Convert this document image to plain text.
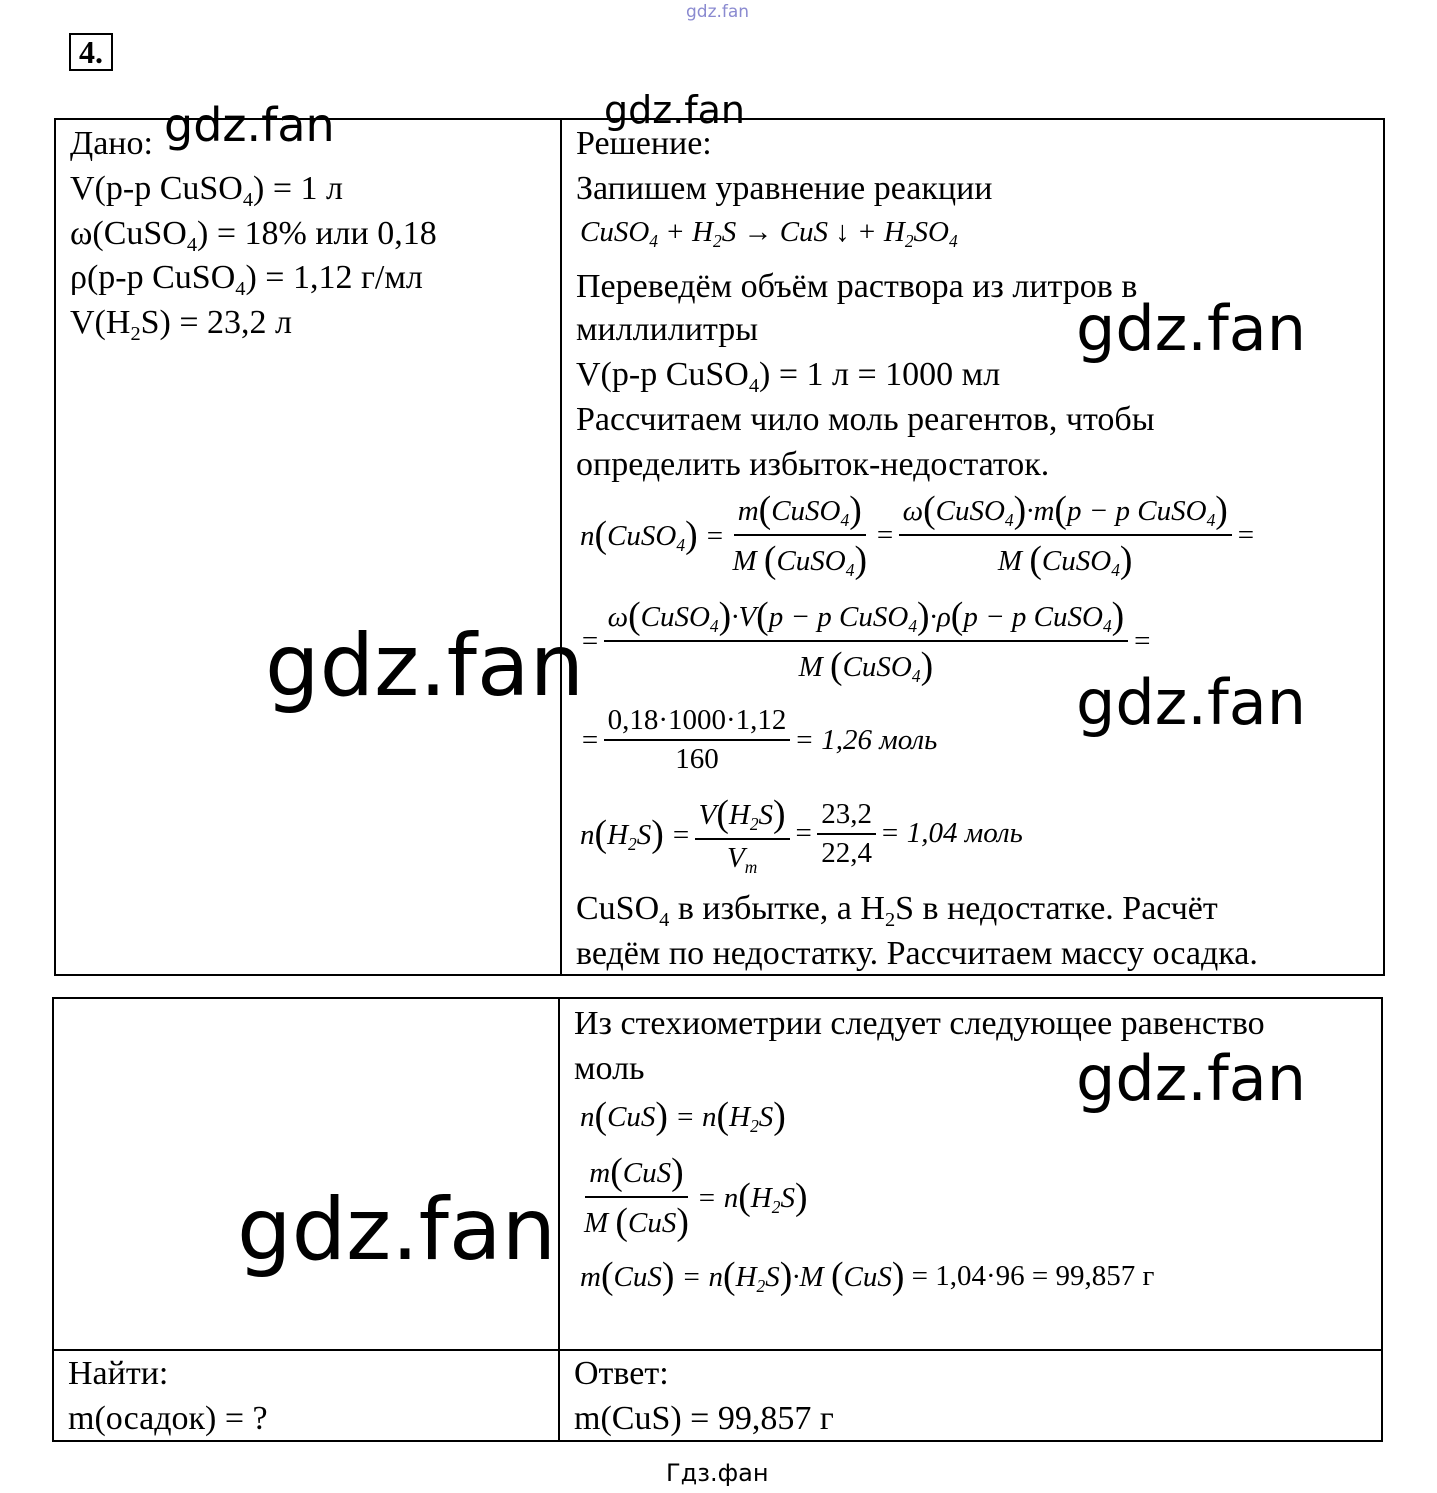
gdz.fan
4.
Дано:
V(р-р CuSO$_4$) = 1 л
ω(CuSO$_4$) = 18% или 0,18
ρ(р-р CuSO$_4$) = 1,12 г/мл
$V(H_2S) = 23,2$ л
Решение:
Запишем уравнение реакции
CuSO$_4$ + $H_2S$ → CuS ↓ + $H_2SO_4$
Переведём объём раствора из литров в
миллилитры
V(р-р CuSO$_4$) = 1 л = 1000 мл
Рассчитаем чило моль реагентов, чтобы
определить избыток-недостаток.
n(CuSO$_4$) = $\frac{m(CuSO_4)}{M (CuSO_4)} = \frac{\omega(CuSO_4)\cdot m(p - p CuSO_4)}{M (CuSO_4)}$ =
= $\frac{\omega(CuSO_4)\cdot V(p - p CuSO_4)\cdot\rho(p - p CuSO_4)}{M (CuSO_4)}$ =
= $\frac{0,18\cdot 1000\cdot 1,12}{160} = 1,26$ моль
$n(H_2S) = \frac{V(H_2S)}{V_m} = \frac{23,2}{22,4} = 1,04$ моль
CuSO$_4$ в избытке, а $H_2S$ в недостатке. Расчёт
ведём по недостатку. Рассчитаем массу осадка.
Из стехиометрии следует следующее равенство
моль
$n(CuS) = n(H_2S)$
$\frac{\text{m(CuS)}}{\text{M (CuS)}} = n(H_2S)$
$m(CuS) = n(H_2S)\cdot M$ (CuS) = 1,04·96 = 99,857 г
Найти:
m(осадок) = ?
Ответ:
m(CuS) = 99,857 г
gdz.fan	gdz.fan
gdz.fan
gdz.fan	gdz.fan
gdz.fan
gdz.fan
Гдз.фан
